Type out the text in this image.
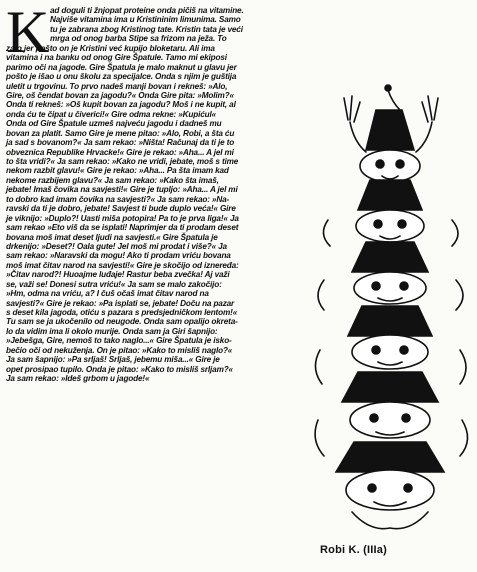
K ad doguli ti žnjopat proteine onda pičiš na vitamine.
Najviše vitamina ima u Kristininim limunima. Samo
tu je zabrana zbog Kristinog tate. Kristin tata je veći
mrga od onog barba Stipe sa frizom na ježa. To
zato jer pošto on je Kristini već kupijo bloketaru. Ali ima
vitamina i na banku od onog Gire Špatule. Tamo mi ekiposi
parimo oči na jagode. Gire Špatula je malo maknut u glavu jer
pošto je išao u onu školu za specijalce. Onda s njim je guštija
uletit u trgovinu. To prvo nadeš manji bovan i rekneš: »Alo,
Gire, oš čendat bovan za jagodu?« Onda Gire pita: »Molim?«
Onda ti rekneš: »Oš kupit bovan za jagodu? Moš i ne kupit, al
onda ću te čipat u čiverici!« Gire odma rekne: »Kupićul«
Onda od Gire Špatule uzmeš najveću jagodu i dadneš mu
bovan za platit. Samo Gire je mene pitao: »Alo, Robi, a šta ću
ja sad s bovanom?« Ja sam rekao: »Ništa! Računaj da ti je to
obveznica Republike Hrvacke!« Gire je rekao: »Aha... A jel mi
to šta vridi?« Ja sam rekao: »Kako ne vridi, jebate, moš s time
nekom razbit glavu!« Gire je rekao: »Aha... Pa šta imam kad
nekome razbijem glavu?« Ja sam rekao: »Kako šta imaš,
jebate! Imaš čovika na savjesti!« Gire je tupljo: »Aha... A jel mi
to dobro kad imam čovika na savjesti?« Ja sam rekao: »Na-
ravski da ti je dobro, jebate! Savjest ti bude duplo veća!« Gire
je viknijo: »Duplo?! Uasti miša potopira! Pa to je prva liga!« Ja
sam rekao »Eto viš da se isplati! Naprimjer da ti prodam deset
bovana moš imat deset ljudi na savjesti.« Gire Špatula je
drkenijo: »Deset?! Oala gute! Jel moš mi prodat i više?« Ja
sam rekao: »Naravski da mogu! Ako ti prodam vriću bovana
moš imat čitav narod na savjesti!« Gire je skočijo od izneređa:
»Čitav narod?! Huoajme luđaje! Rastur beba zvečka! Aj važi
se, važi se! Donesi sutra vriću!« Ja sam se malo zakočijo:
»Hm, odma na vriću, a? I čuš očaš imat čitav narod na
savjesti?« Gire je rekao: »Pa isplati se, jebate! Doču na pazar
s deset kila jagoda, otiću s pazara s predsjedničkom lentom!«
Tu sam se ja ukočenilo od neugode. Onda sam opalijo okreta-
lo da vidim ima li okolo murije. Onda sam ja Giri šapnijo:
»Jebešga, Gire, nemoš to tako naglo...« Gire Špatula je isko-
bečio oči od nekuženja. On je pitao: »Kako to misliš naglo?«
Ja sam šapnijo: »Pa srljaš! Srljaš, jebemu miša...« Gire je
opet prosipao tupilo. Onda je pitao: »Kako to misliš srljam?«
Ja sam rekao: »Ideš grbom u jagode!«
Robi K. (IIIa)
